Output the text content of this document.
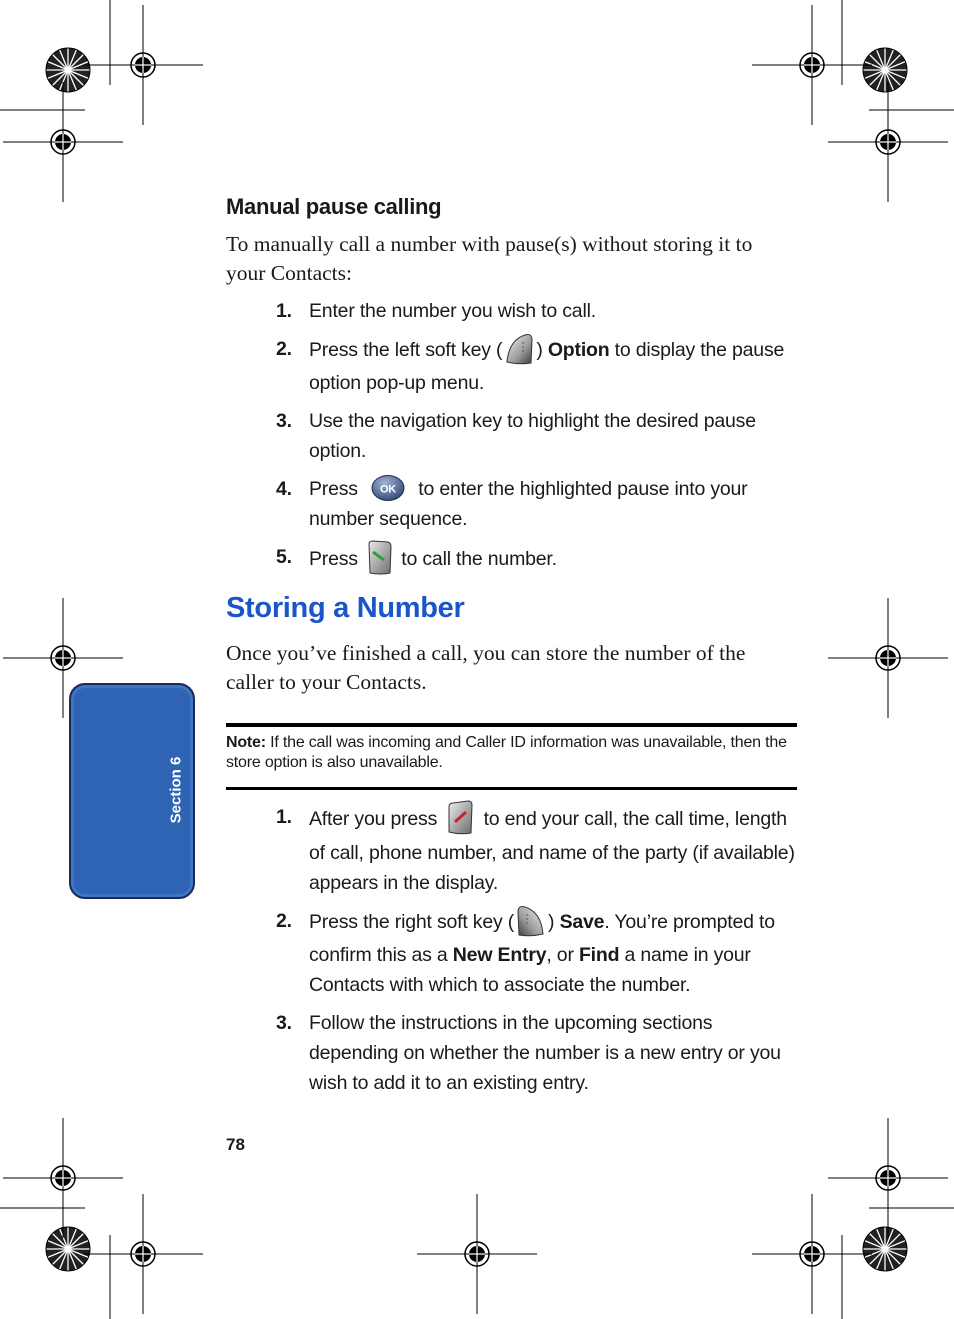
Section 6
Manual pause calling

To manually call a number with pause(s) without storing it to your Contacts:

1. Enter the number you wish to call.
2. Press the left soft key ( ) Option to display the pause option pop-up menu.
3. Use the navigation key to highlight the desired pause option.
4. Press OK to enter the highlighted pause into your number sequence.
5. Press  to call the number.
Storing a Number

Once you’ve finished a call, you can store the number of the caller to your Contacts.

Note: If the call was incoming and Caller ID information was unavailable, then the store option is also unavailable.

1. After you press  to end your call, the call time, length of call, phone number, and name of the party (if available) appears in the display.
2. Press the right soft key ( ) Save. You’re prompted to confirm this as a New Entry, or Find a name in your Contacts with which to associate the number.
3. Follow the instructions in the upcoming sections depending on whether the number is a new entry or you wish to add it to an existing entry.
78
